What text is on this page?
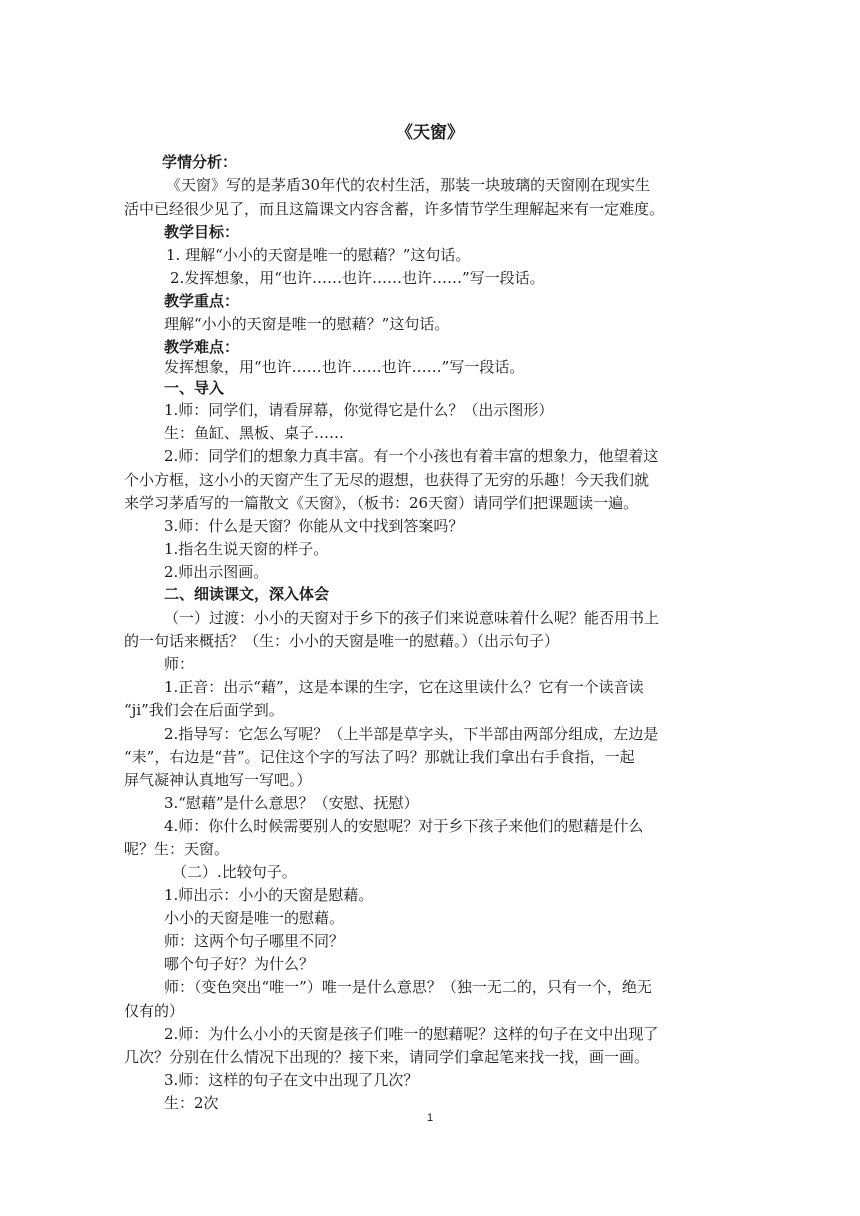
《天窗》
学情分析：
《天窗》写的是茅盾30年代的农村生活，那装一块玻璃的天窗刚在现实生
活中已经很少见了，而且这篇课文内容含蓄，许多情节学生理解起来有一定难度。
教学目标：
1. 理解“小小的天窗是唯一的慰藉？”这句话。
2.发挥想象，用“也许……也许……也许……”写一段话。
教学重点：
理解“小小的天窗是唯一的慰藉？”这句话。
教学难点：
发挥想象，用“也许……也许……也许……”写一段话。
一、导入
1.师：同学们，请看屏幕，你觉得它是什么？（出示图形）
生：鱼缸、黑板、桌子……
2.师：同学们的想象力真丰富。有一个小孩也有着丰富的想象力，他望着这
个小方框，这小小的天窗产生了无尽的遐想，也获得了无穷的乐趣！今天我们就
来学习茅盾写的一篇散文《天窗》，（板书：26天窗）请同学们把课题读一遍。
3.师：什么是天窗？你能从文中找到答案吗？
1.指名生说天窗的样子。
2.师出示图画。
二、细读课文，深入体会
（一）过渡：小小的天窗对于乡下的孩子们来说意味着什么呢？能否用书上
的一句话来概括？（生：小小的天窗是唯一的慰藉。）（出示句子）
师：
1.正音：出示“藉”，这是本课的生字，它在这里读什么？它有一个读音读
“ji”我们会在后面学到。
2.指导写：它怎么写呢？（上半部是草字头，下半部由两部分组成，左边是
“耒”，右边是“昔”。记住这个字的写法了吗？那就让我们拿出右手食指，一起
屏气凝神认真地写一写吧。）
3.“慰藉”是什么意思？（安慰、抚慰）
4.师：你什么时候需要别人的安慰呢？对于乡下孩子来他们的慰藉是什么
呢？生：天窗。
（二）.比较句子。
1.师出示：小小的天窗是慰藉。
小小的天窗是唯一的慰藉。
师：这两个句子哪里不同？
哪个句子好？为什么？
师：（变色突出“唯一”）唯一是什么意思？（独一无二的，只有一个，绝无
仅有的）
2.师：为什么小小的天窗是孩子们唯一的慰藉呢？这样的句子在文中出现了
几次？分别在什么情况下出现的？接下来，请同学们拿起笔来找一找，画一画。
3.师：这样的句子在文中出现了几次？
生：2次
1
